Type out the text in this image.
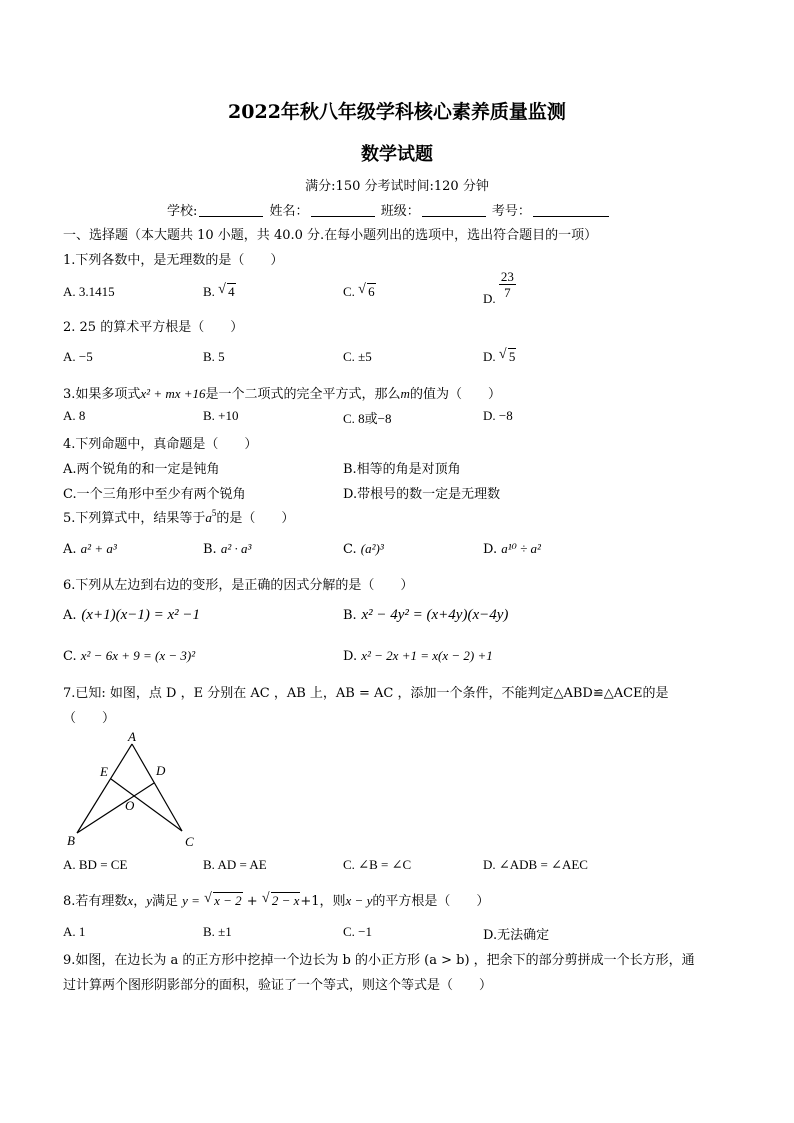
2022年秋八年级学科核心素养质量监测
数学试题
满分:150 分考试时间:120 分钟
学校:	姓名：	班级：	考号：
一、选择题（本大题共 10 小题，共 40.0 分.在每小题列出的选项中，选出符合题目的一项）
1.下列各数中，是无理数的是（　　）
A. 3.1415	B. √ 4	C. √ 6	D. $\frac{23}{7}$
2. 25 的算术平方根是（　　）
A. −5	B. 5	C. ±5	D. √ 5
3.如果多项式x² + mx +16是一个二项式的完全平方式，那么m的值为（　　）
A. 8	B. +10	C. 8或−8	D. −8
4.下列命题中，真命题是（　　）
A.两个锐角的和一定是钝角	B.相等的角是对顶角
C.一个三角形中至少有两个锐角	D.带根号的数一定是无理数
5.下列算式中，结果等于$a^5$的是（　　）
A. a² + a³	B. a² · a³	C. (a²)³	D. a¹⁰ ÷ a²
6.下列从左边到右边的变形，是正确的因式分解的是（　　）
A. (x+1)(x−1) = x² −1	B. x² − 4y² = (x+4y)(x−4y)
C. x² − 6x + 9 = (x − 3)²	D. x² − 2x +1 = x(x − 2) +1
7.已知: 如图，点 D ，E 分别在 AC ，AB 上，AB = AC ，添加一个条件，不能判定△ABD≌△ACE的是
（　　）
A
E	D
O
B	C
A. BD = CE	B. AD = AE	C. ∠B = ∠C	D. ∠ADB = ∠AEC
8.若有理数x，y满足 y = √ x − 2 + √ 2 − x+1，则x − y的平方根是（　　）
A. 1	B. ±1	C. −1	D.无法确定
9.如图，在边长为 a 的正方形中挖掉一个边长为 b 的小正方形 (a > b) ，把余下的部分剪拼成一个长方形，通
过计算两个图形阴影部分的面积，验证了一个等式，则这个等式是（　　）
